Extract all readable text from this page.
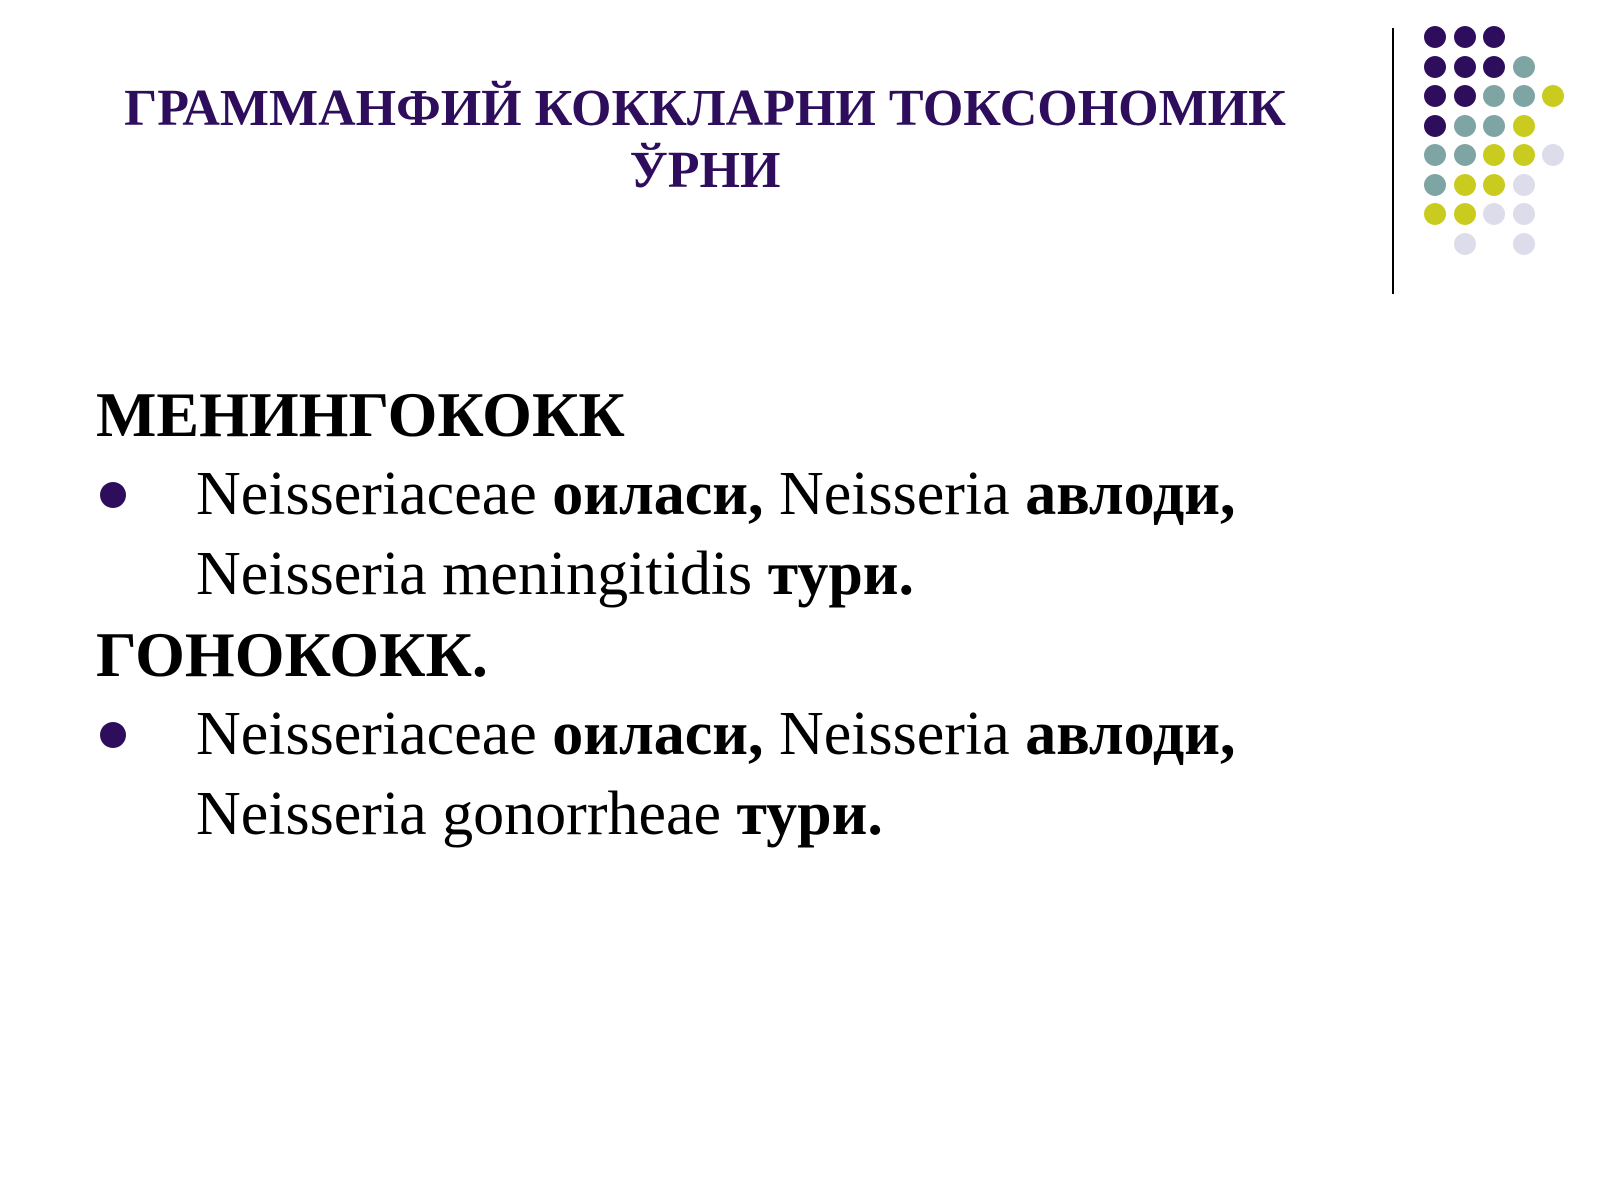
ГРАММАНФИЙ КОККЛАРНИ ТОКСОНОМИК
ЎРНИ
МЕНИНГОКОКК
Neisseriaceae оиласи, Neisseria авлоди,
Neisseria meningitidis тури.
ГОНОКОКК.
Neisseriaceae оиласи, Neisseria авлоди,
Neisseria gonorrheae тури.
